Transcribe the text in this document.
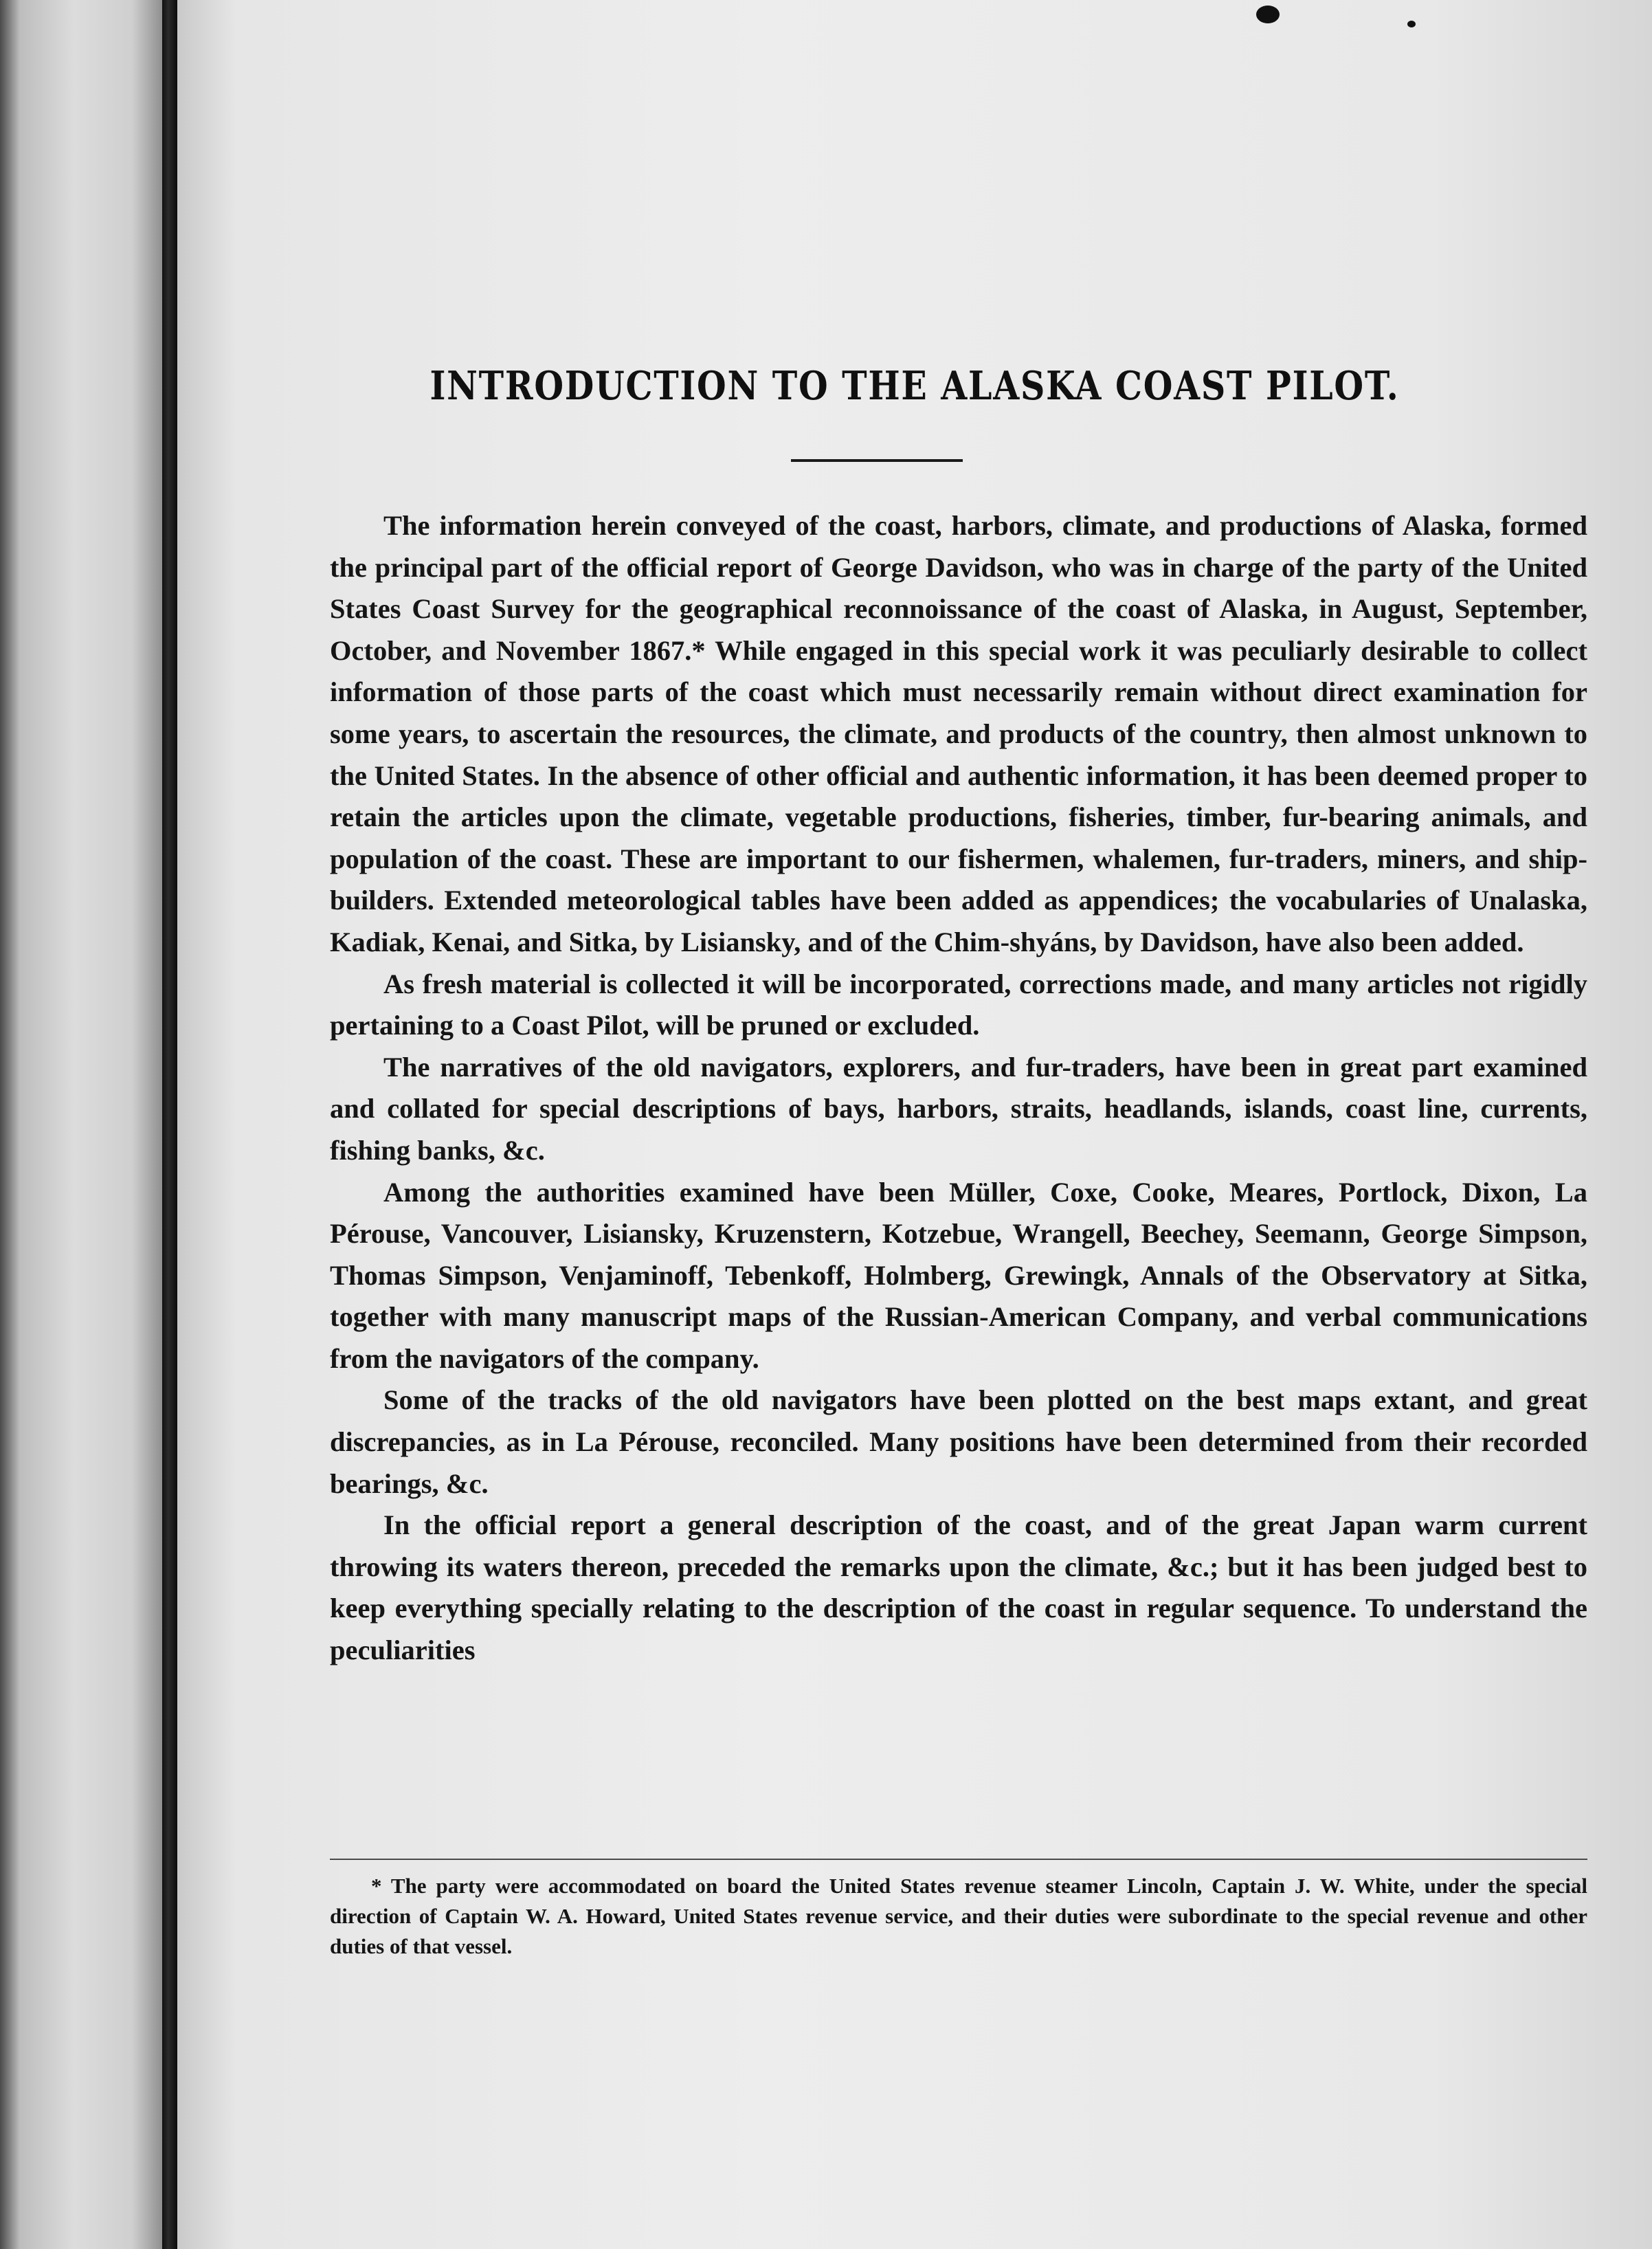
INTRODUCTION TO THE ALASKA COAST PILOT.

The information herein conveyed of the coast, harbors, climate, and productions of Alaska, formed the principal part of the official report of George Davidson, who was in charge of the party of the United States Coast Survey for the geographical reconnoissance of the coast of Alaska, in August, September, October, and November 1867.* While engaged in this special work it was peculiarly desirable to collect information of those parts of the coast which must necessarily remain without direct examination for some years, to ascertain the resources, the climate, and products of the country, then almost unknown to the United States. In the absence of other official and authentic information, it has been deemed proper to retain the articles upon the climate, vegetable productions, fisheries, timber, fur-bearing animals, and population of the coast. These are important to our fishermen, whalemen, fur-traders, miners, and ship-builders. Extended meteorological tables have been added as appendices; the vocabularies of Unalaska, Kadiak, Kenai, and Sitka, by Lisiansky, and of the Chim-shyáns, by Davidson, have also been added.

As fresh material is collected it will be incorporated, corrections made, and many articles not rigidly pertaining to a Coast Pilot, will be pruned or excluded.

The narratives of the old navigators, explorers, and fur-traders, have been in great part examined and collated for special descriptions of bays, harbors, straits, headlands, islands, coast line, currents, fishing banks, &c.

Among the authorities examined have been Müller, Coxe, Cooke, Meares, Portlock, Dixon, La Pérouse, Vancouver, Lisiansky, Kruzenstern, Kotzebue, Wrangell, Beechey, Seemann, George Simpson, Thomas Simpson, Venjaminoff, Tebenkoff, Holmberg, Grewingk, Annals of the Observatory at Sitka, together with many manuscript maps of the Russian-American Company, and verbal communications from the navigators of the company.

Some of the tracks of the old navigators have been plotted on the best maps extant, and great discrepancies, as in La Pérouse, reconciled. Many positions have been determined from their recorded bearings, &c.

In the official report a general description of the coast, and of the great Japan warm current throwing its waters thereon, preceded the remarks upon the climate, &c.; but it has been judged best to keep everything specially relating to the description of the coast in regular sequence. To understand the peculiarities

* The party were accommodated on board the United States revenue steamer Lincoln, Captain J. W. White, under the special direction of Captain W. A. Howard, United States revenue service, and their duties were subordinate to the special revenue and other duties of that vessel.
